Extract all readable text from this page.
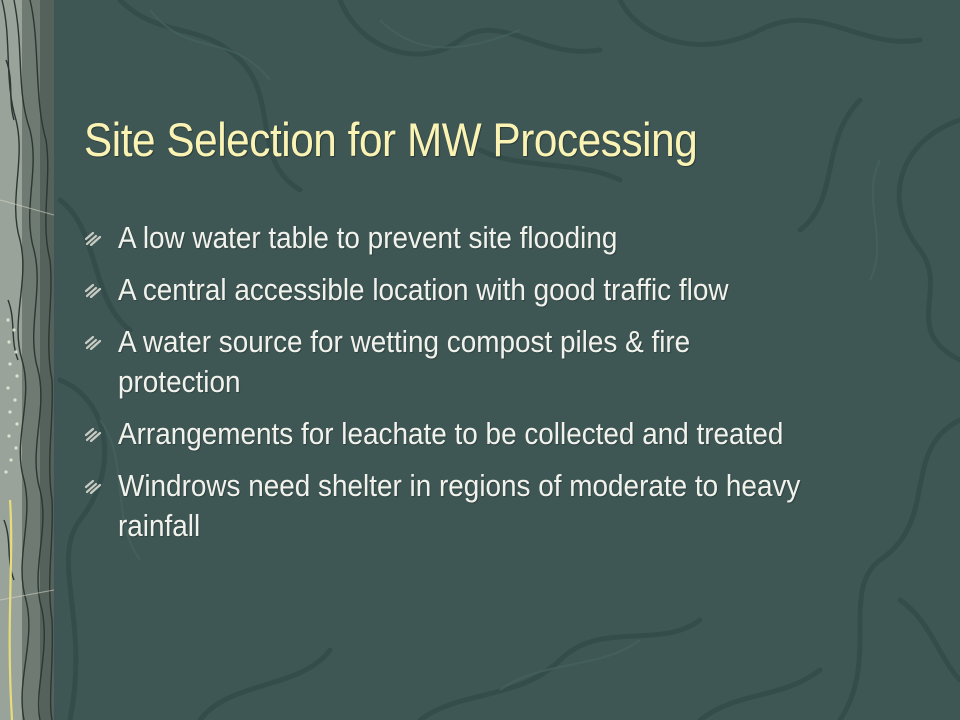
Site Selection for MW Processing
A low water table to prevent site flooding
A central accessible location with good traffic flow
A water source for wetting compost piles & fire protection
Arrangements for leachate to be collected and treated
Windrows need shelter in regions of moderate to heavy rainfall
